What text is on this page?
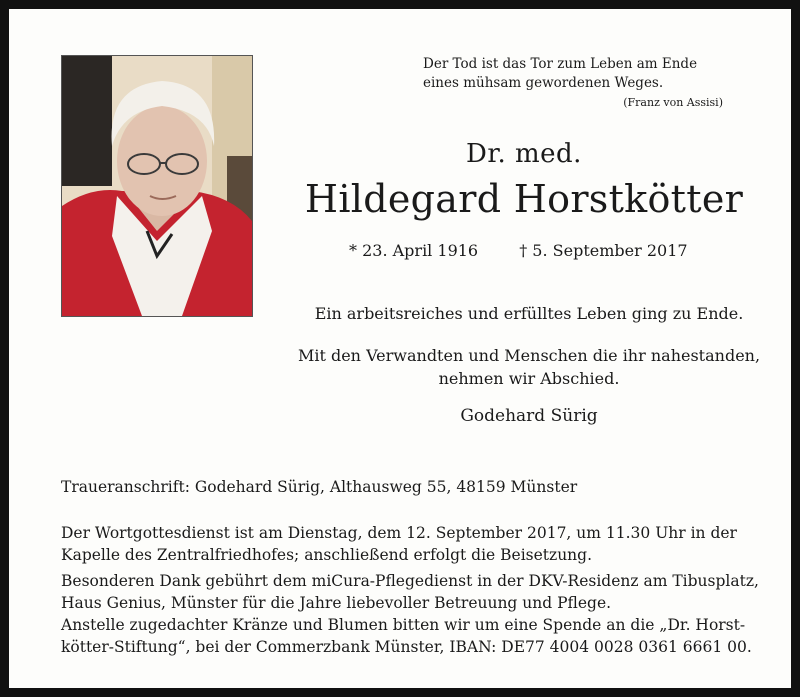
Der Tod ist das Tor zum Leben am Ende
eines mühsam gewordenen Weges.
(Franz von Assisi)
Dr. med.
Hildegard Horstkötter
* 23. April 1916	† 5. September 2017
Ein arbeitsreiches und erfülltes Leben ging zu Ende.
Mit den Verwandten und Menschen die ihr nahestanden,
nehmen wir Abschied.
Godehard Sürig
Traueranschrift: Godehard Sürig, Althausweg 55, 48159 Münster
Der Wortgottesdienst ist am Dienstag, dem 12. September 2017, um 11.30 Uhr in der
Kapelle des Zentralfriedhofes; anschließend erfolgt die Beisetzung.
Besonderen Dank gebührt dem miCura-Pflegedienst in der DKV-Residenz am Tibusplatz,
Haus Genius, Münster für die Jahre liebevoller Betreuung und Pflege.
Anstelle zugedachter Kränze und Blumen bitten wir um eine Spende an die „Dr. Horst-
kötter-Stiftung“, bei der Commerzbank Münster, IBAN: DE77 4004 0028 0361 6661 00.
